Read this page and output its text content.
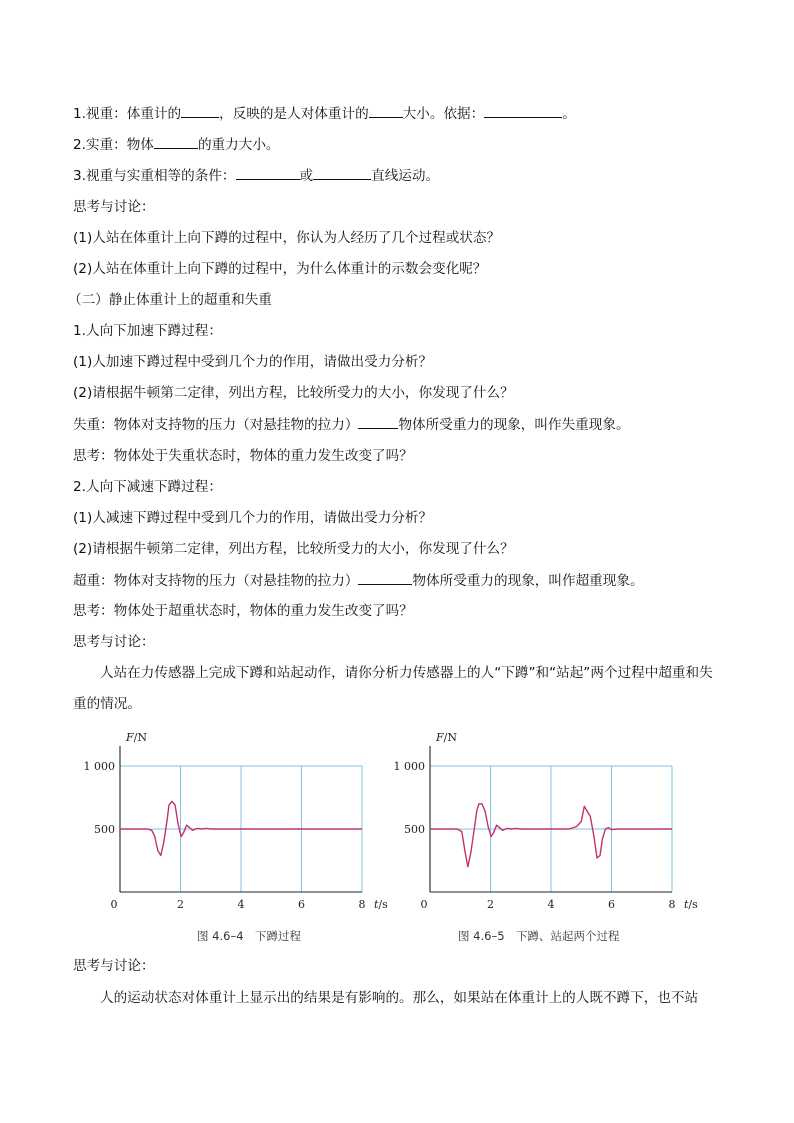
1.视重：体重计的	，反映的是人对体重计的	大小。依据：	。
2.实重：物体	的重力大小。
3.视重与实重相等的条件：	或	直线运动。
思考与讨论：
(1)人站在体重计上向下蹲的过程中，你认为人经历了几个过程或状态？
(2)人站在体重计上向下蹲的过程中，为什么体重计的示数会变化呢？
（二）静止体重计上的超重和失重
1.人向下加速下蹲过程：
(1)人加速下蹲过程中受到几个力的作用，请做出受力分析？
(2)请根据牛顿第二定律，列出方程，比较所受力的大小，你发现了什么？
失重：物体对支持物的压力（对悬挂物的拉力）	物体所受重力的现象，叫作失重现象。
思考：物体处于失重状态时，物体的重力发生改变了吗？
2.人向下减速下蹲过程：
(1)人减速下蹲过程中受到几个力的作用，请做出受力分析？
(2)请根据牛顿第二定律，列出方程，比较所受力的大小，你发现了什么？
超重：物体对支持物的压力（对悬挂物的拉力）	物体所受重力的现象，叫作超重现象。
思考：物体处于超重状态时，物体的重力发生改变了吗？
思考与讨论：
人站在力传感器上完成下蹲和站起动作，请你分析力传感器上的人“下蹲”和“站起”两个过程中超重和失重的情况。
0	2	4	6	8
500
1 000
F/N
t/s
图 4.6–4　下蹲过程
0	2	4	6	8
500
1 000
F/N
t/s
图 4.6–5　下蹲、站起两个过程
思考与讨论：
人的运动状态对体重计上显示出的结果是有影响的。那么，如果站在体重计上的人既不蹲下，也不站
